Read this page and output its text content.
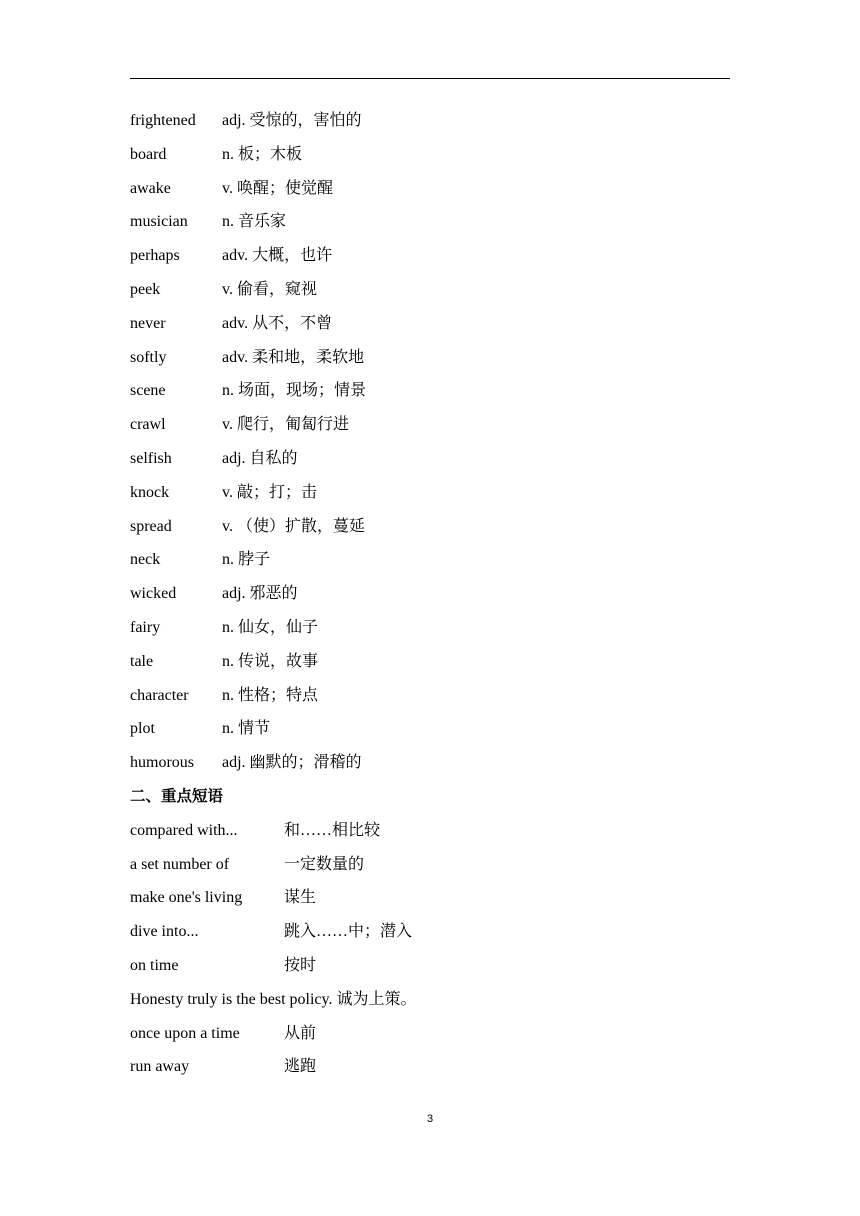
frightened adj. 受惊的，害怕的
board	n. 板；木板
awake	v. 唤醒；使觉醒
musician n. 音乐家
perhaps	adv. 大概，也许
peek	v. 偷看，窥视
never	adv. 从不，不曾
softly	adv. 柔和地，柔软地
scene	n. 场面，现场；情景
crawl	v. 爬行，匍匐行进
selfish	adj. 自私的
knock	v. 敲；打；击
spread	v. （使）扩散，蔓延
neck	n. 脖子
wicked	adj. 邪恶的
fairy	n. 仙女，仙子
tale	n. 传说，故事
character n. 性格；特点
plot	n. 情节
humorous adj. 幽默的；滑稽的
二、重点短语
compared with...	和……相比较
a set number of	一定数量的
make one's living	谋生
dive into...	跳入……中；潜入
on time	按时
Honesty truly is the best policy. 诚为上策。
once upon a time	从前
run away	逃跑
3
